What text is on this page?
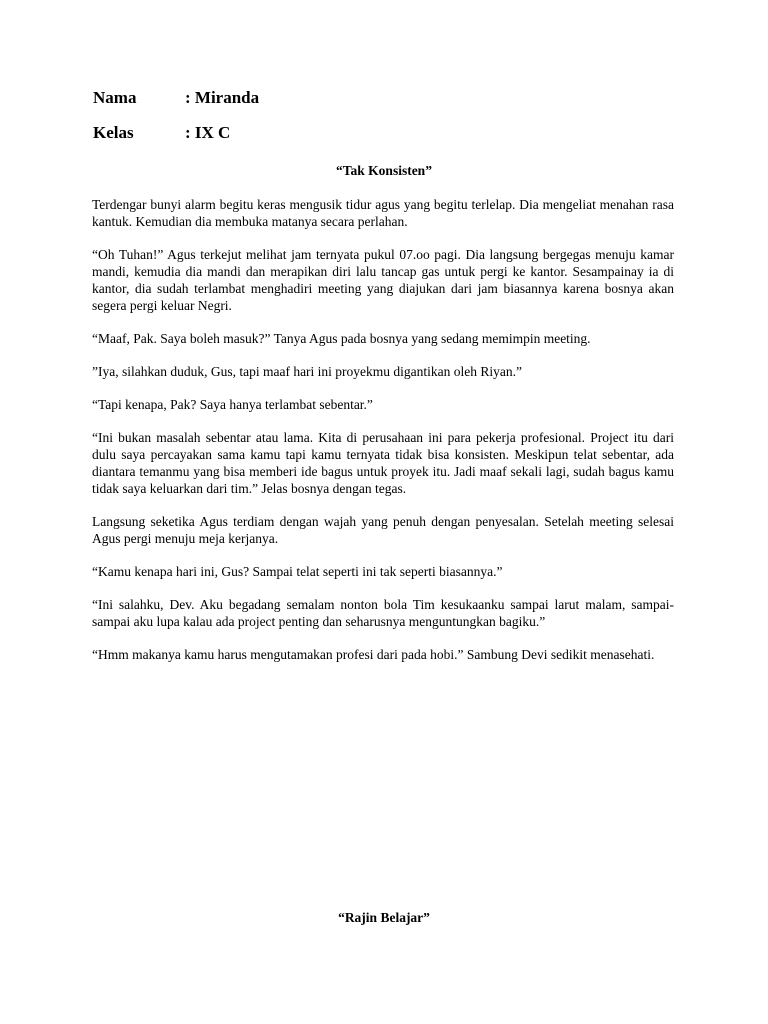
Nama	: Miranda
Kelas	: IX C
“Tak Konsisten”

Terdengar bunyi alarm begitu keras mengusik tidur agus yang begitu terlelap. Dia mengeliat menahan rasa kantuk. Kemudian dia membuka matanya secara perlahan.

“Oh Tuhan!” Agus terkejut melihat jam ternyata pukul 07.oo pagi. Dia langsung bergegas menuju kamar mandi, kemudia dia mandi dan merapikan diri lalu tancap gas untuk pergi ke kantor. Sesampainay ia di kantor, dia sudah terlambat menghadiri meeting yang diajukan dari jam biasannya karena bosnya akan segera pergi keluar Negri.

“Maaf, Pak. Saya boleh masuk?” Tanya Agus pada bosnya yang sedang memimpin meeting.

”Iya, silahkan duduk, Gus, tapi maaf hari ini proyekmu digantikan oleh Riyan.”

“Tapi kenapa, Pak? Saya hanya terlambat sebentar.”

“Ini bukan masalah sebentar atau lama. Kita di perusahaan ini para pekerja profesional. Project itu dari dulu saya percayakan sama kamu tapi kamu ternyata tidak bisa konsisten. Meskipun telat sebentar, ada diantara temanmu yang bisa memberi ide bagus untuk proyek itu. Jadi maaf sekali lagi, sudah bagus kamu tidak saya keluarkan dari tim.” Jelas bosnya dengan tegas.

Langsung seketika Agus terdiam dengan wajah yang penuh dengan penyesalan. Setelah meeting selesai Agus pergi menuju meja kerjanya.

“Kamu kenapa hari ini, Gus? Sampai telat seperti ini tak seperti biasannya.”

“Ini salahku, Dev. Aku begadang semalam nonton bola Tim kesukaanku sampai larut malam, sampai-sampai aku lupa kalau ada project penting dan seharusnya menguntungkan bagiku.”

“Hmm makanya kamu harus mengutamakan profesi dari pada hobi.” Sambung Devi sedikit menasehati.

“Rajin Belajar”
